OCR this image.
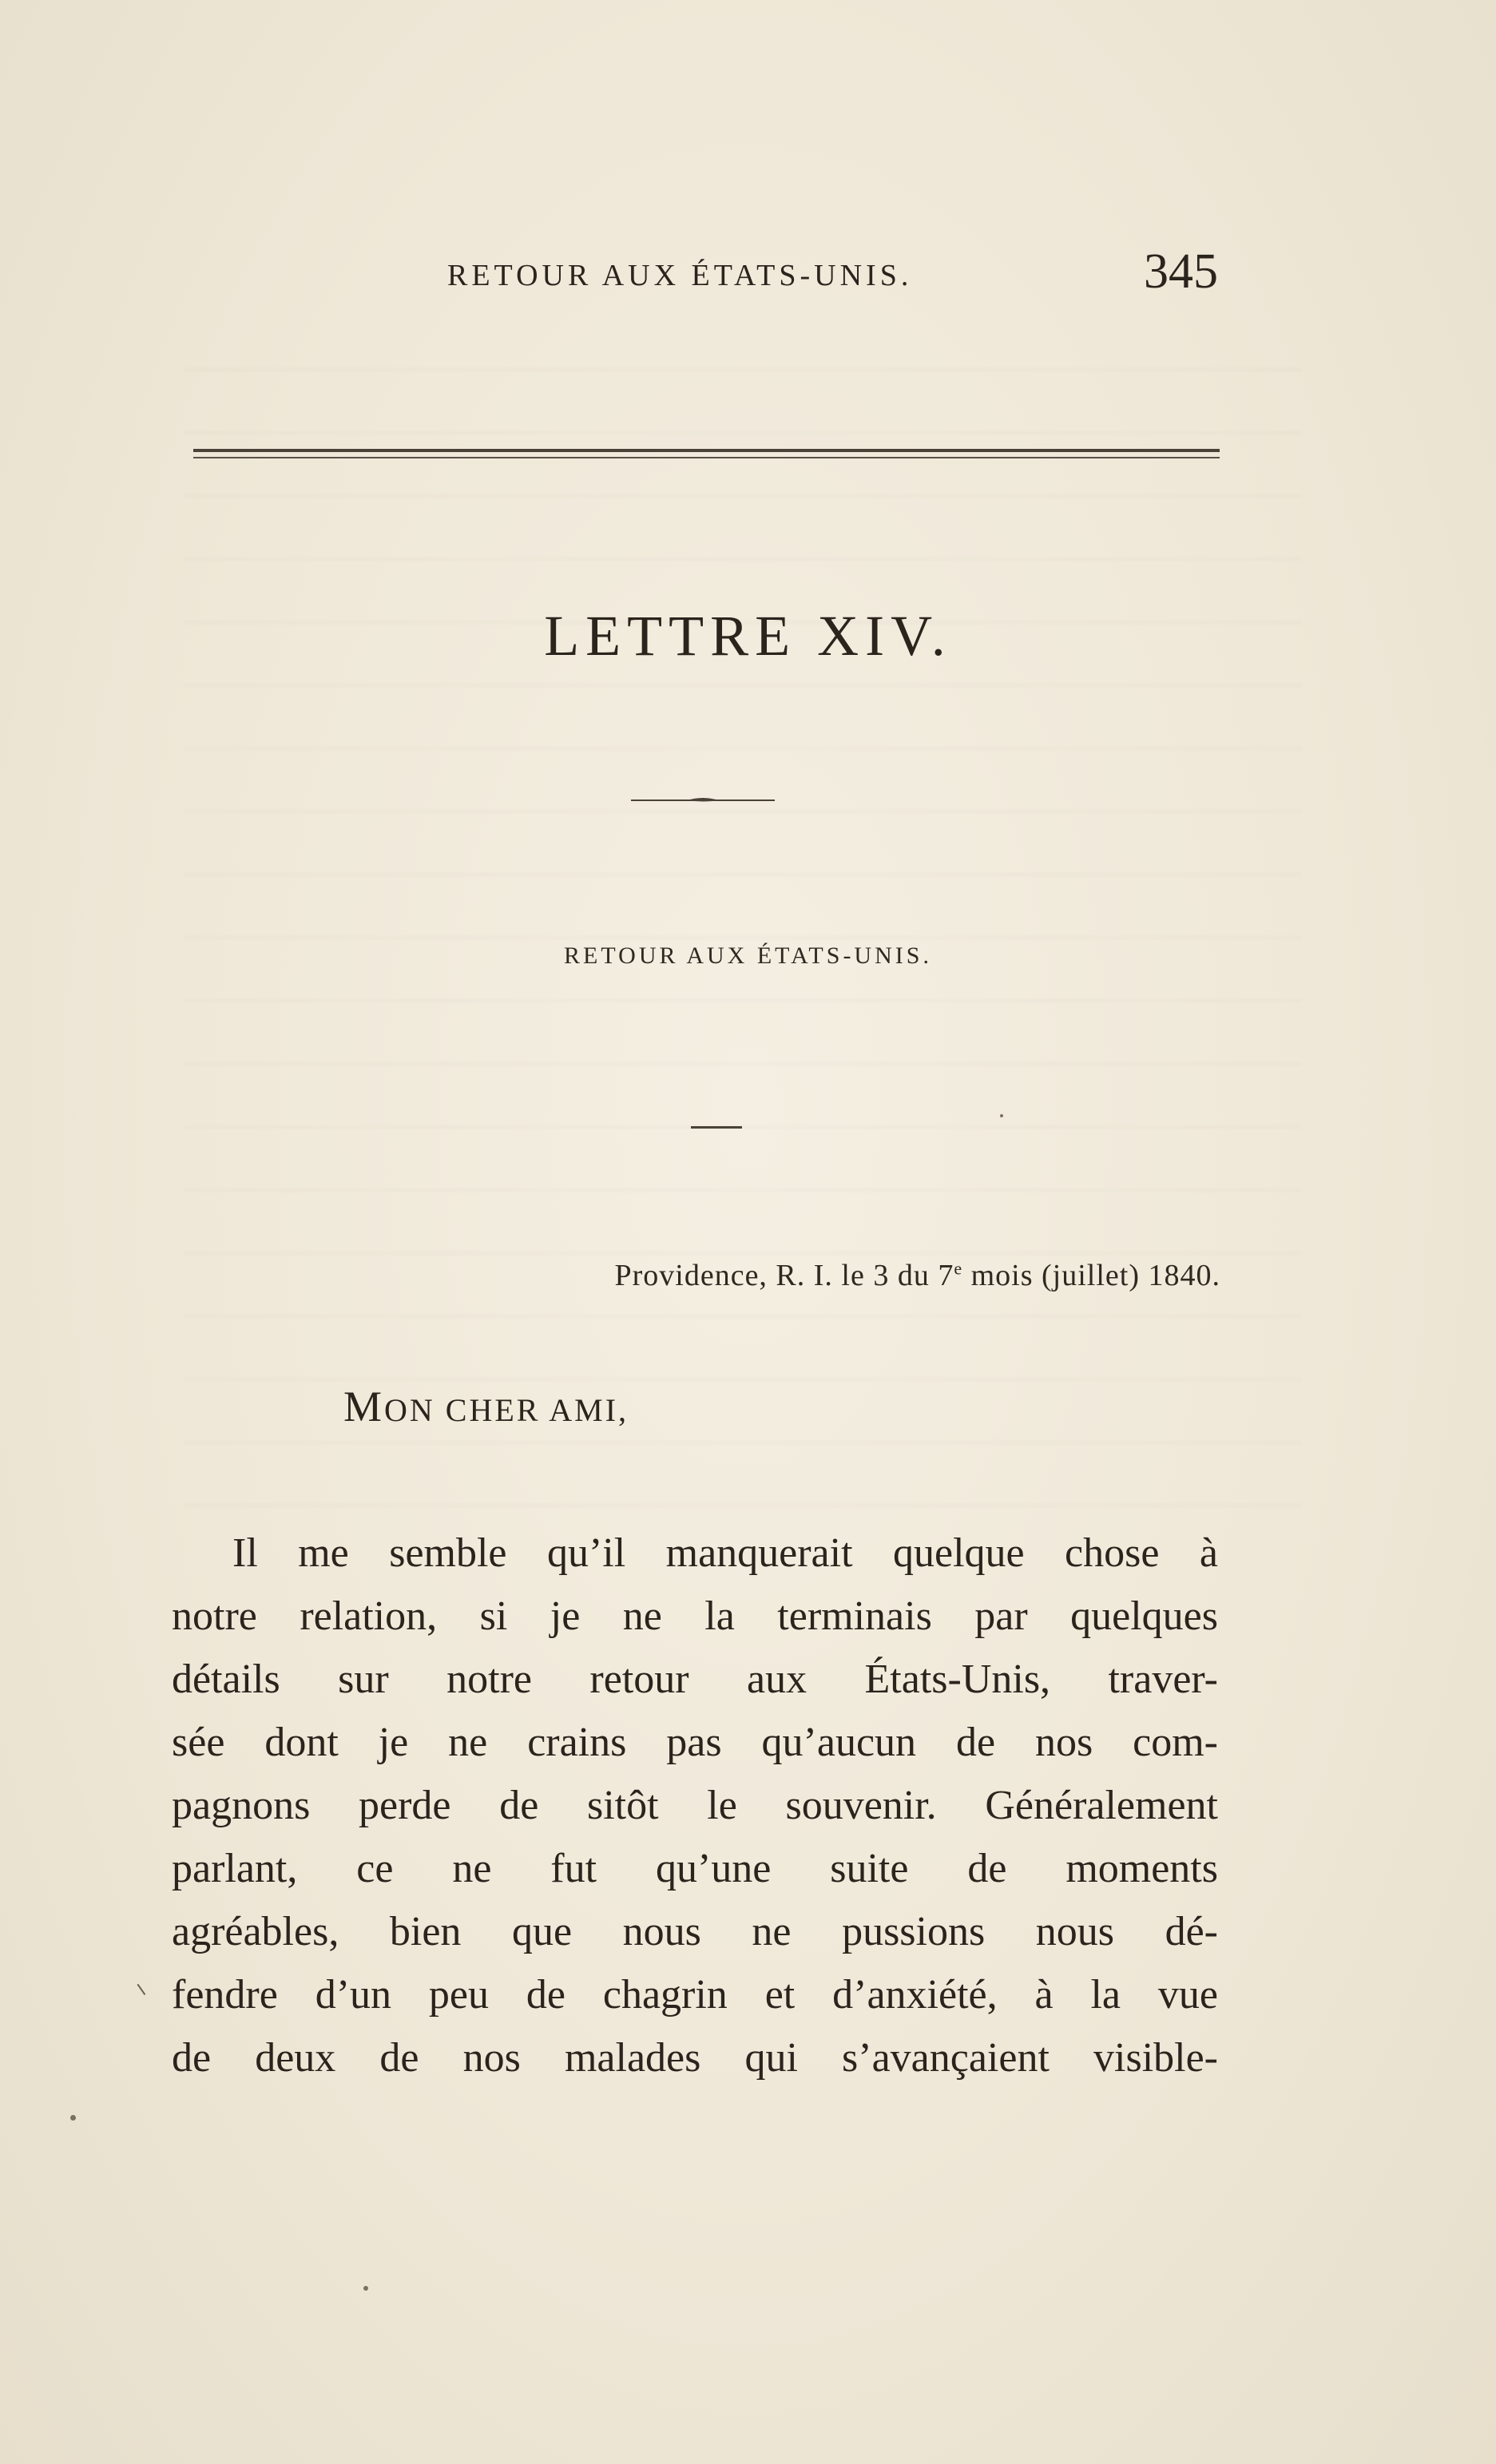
RETOUR AUX ÉTATS-UNIS.	345
LETTRE XIV.
RETOUR AUX ÉTATS-UNIS.
Providence, R. I. le 3 du 7e mois (juillet) 1840.
MON CHER AMI,
Il me semble qu’il manquerait quelque chose à
notre relation, si je ne la terminais par quelques
détails sur notre retour aux États-Unis, traver-
sée dont je ne crains pas qu’aucun de nos com-
pagnons perde de sitôt le souvenir. Généralement
parlant, ce ne fut qu’une suite de moments
agréables, bien que nous ne pussions nous dé-
fendre d’un peu de chagrin et d’anxiété, à la vue
de deux de nos malades qui s’avançaient visible-
